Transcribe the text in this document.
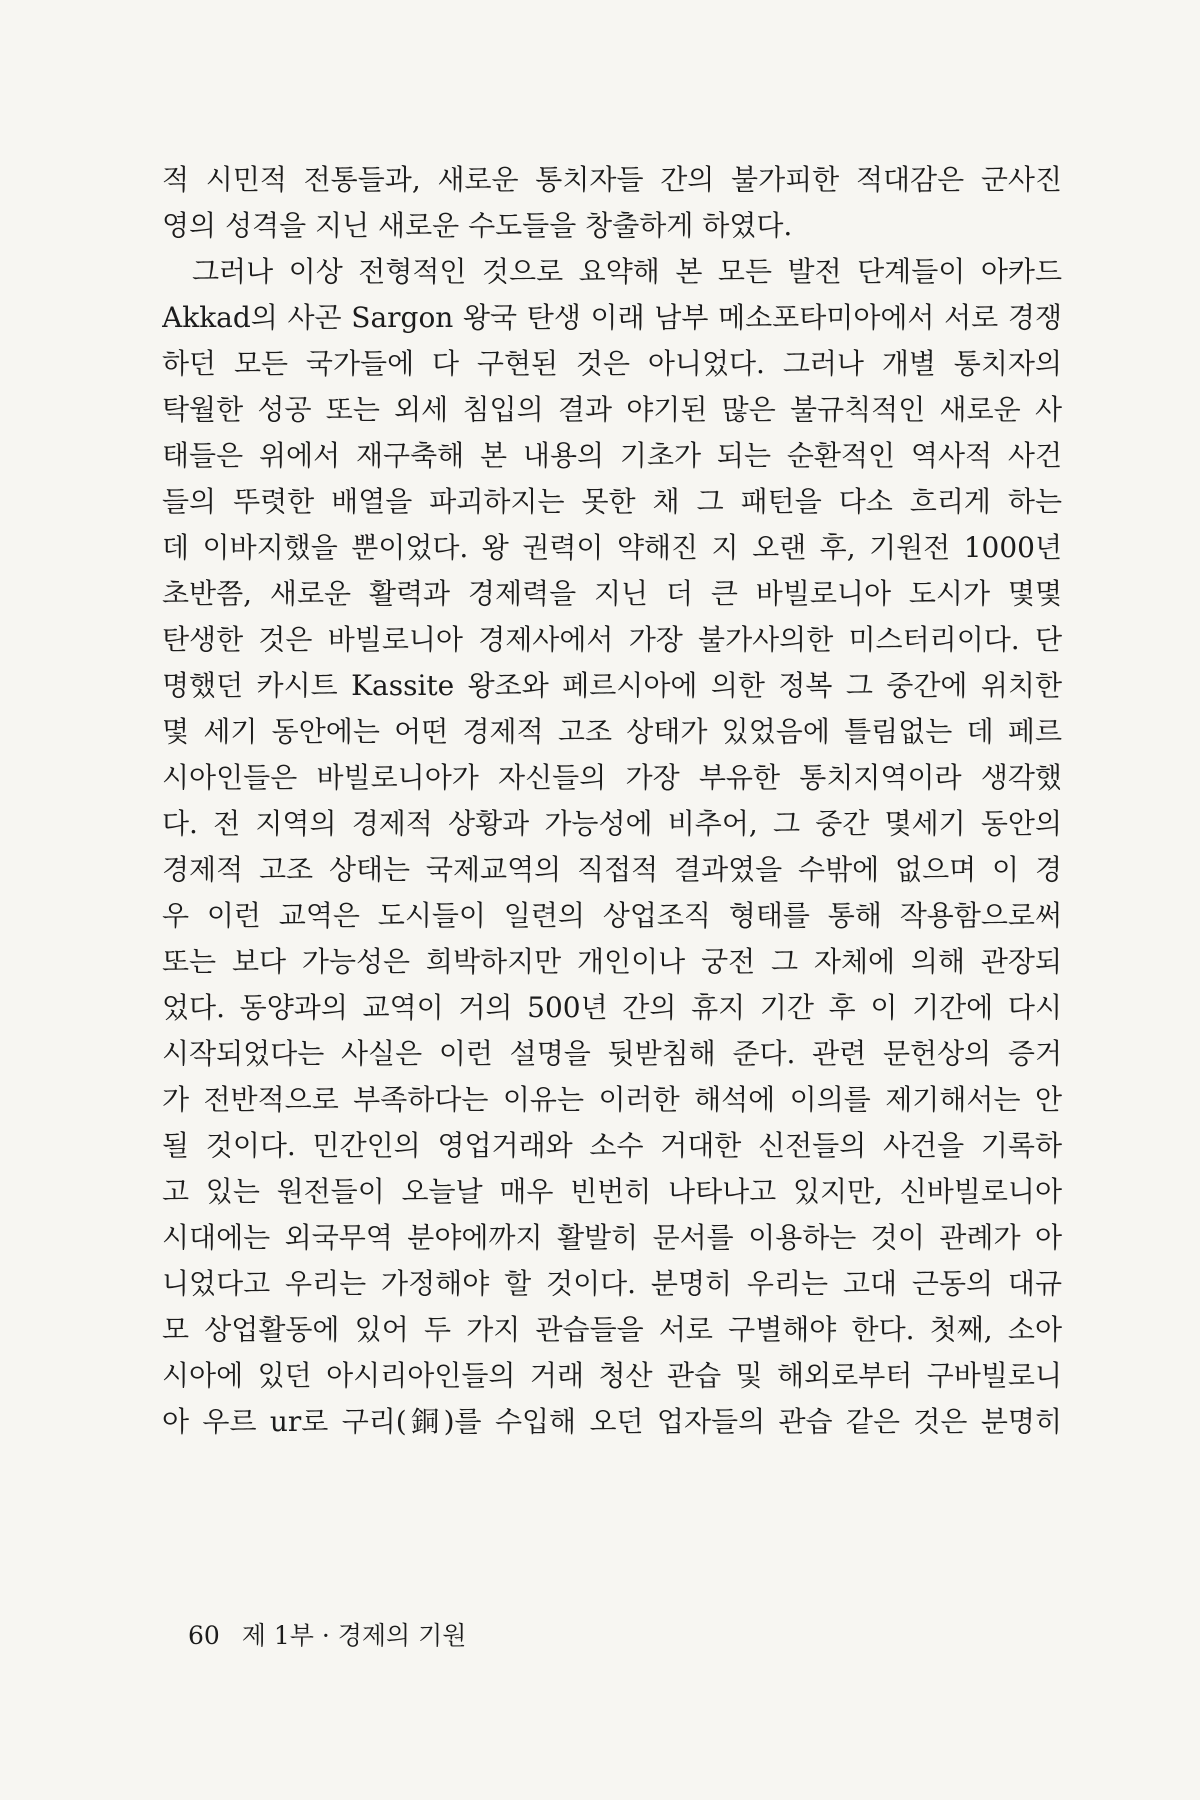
적 시민적 전통들과, 새로운 통치자들 간의 불가피한 적대감은 군사진
영의 성격을 지닌 새로운 수도들을 창출하게 하였다.
그러나 이상 전형적인 것으로 요약해 본 모든 발전 단계들이 아카드
Akkad의 사곤 Sargon 왕국 탄생 이래 남부 메소포타미아에서 서로 경쟁
하던 모든 국가들에 다 구현된 것은 아니었다. 그러나 개별 통치자의
탁월한 성공 또는 외세 침입의 결과 야기된 많은 불규칙적인 새로운 사
태들은 위에서 재구축해 본 내용의 기초가 되는 순환적인 역사적 사건
들의 뚜렷한 배열을 파괴하지는 못한 채 그 패턴을 다소 흐리게 하는
데 이바지했을 뿐이었다. 왕 권력이 약해진 지 오랜 후, 기원전 1000년
초반쯤, 새로운 활력과 경제력을 지닌 더 큰 바빌로니아 도시가 몇몇
탄생한 것은 바빌로니아 경제사에서 가장 불가사의한 미스터리이다. 단
명했던 카시트 Kassite 왕조와 페르시아에 의한 정복 그 중간에 위치한
몇 세기 동안에는 어떤 경제적 고조 상태가 있었음에 틀림없는 데 페르
시아인들은 바빌로니아가 자신들의 가장 부유한 통치지역이라 생각했
다. 전 지역의 경제적 상황과 가능성에 비추어, 그 중간 몇세기 동안의
경제적 고조 상태는 국제교역의 직접적 결과였을 수밖에 없으며 이 경
우 이런 교역은 도시들이 일련의 상업조직 형태를 통해 작용함으로써
또는 보다 가능성은 희박하지만 개인이나 궁전 그 자체에 의해 관장되
었다. 동양과의 교역이 거의 500년 간의 휴지 기간 후 이 기간에 다시
시작되었다는 사실은 이런 설명을 뒷받침해 준다. 관련 문헌상의 증거
가 전반적으로 부족하다는 이유는 이러한 해석에 이의를 제기해서는 안
될 것이다. 민간인의 영업거래와 소수 거대한 신전들의 사건을 기록하
고 있는 원전들이 오늘날 매우 빈번히 나타나고 있지만, 신바빌로니아
시대에는 외국무역 분야에까지 활발히 문서를 이용하는 것이 관례가 아
니었다고 우리는 가정해야 할 것이다. 분명히 우리는 고대 근동의 대규
모 상업활동에 있어 두 가지 관습들을 서로 구별해야 한다. 첫째, 소아
시아에 있던 아시리아인들의 거래 청산 관습 및 해외로부터 구바빌로니
아 우르 ur로 구리(銅)를 수입해 오던 업자들의 관습 같은 것은 분명히
60 제 1부 · 경제의 기원
